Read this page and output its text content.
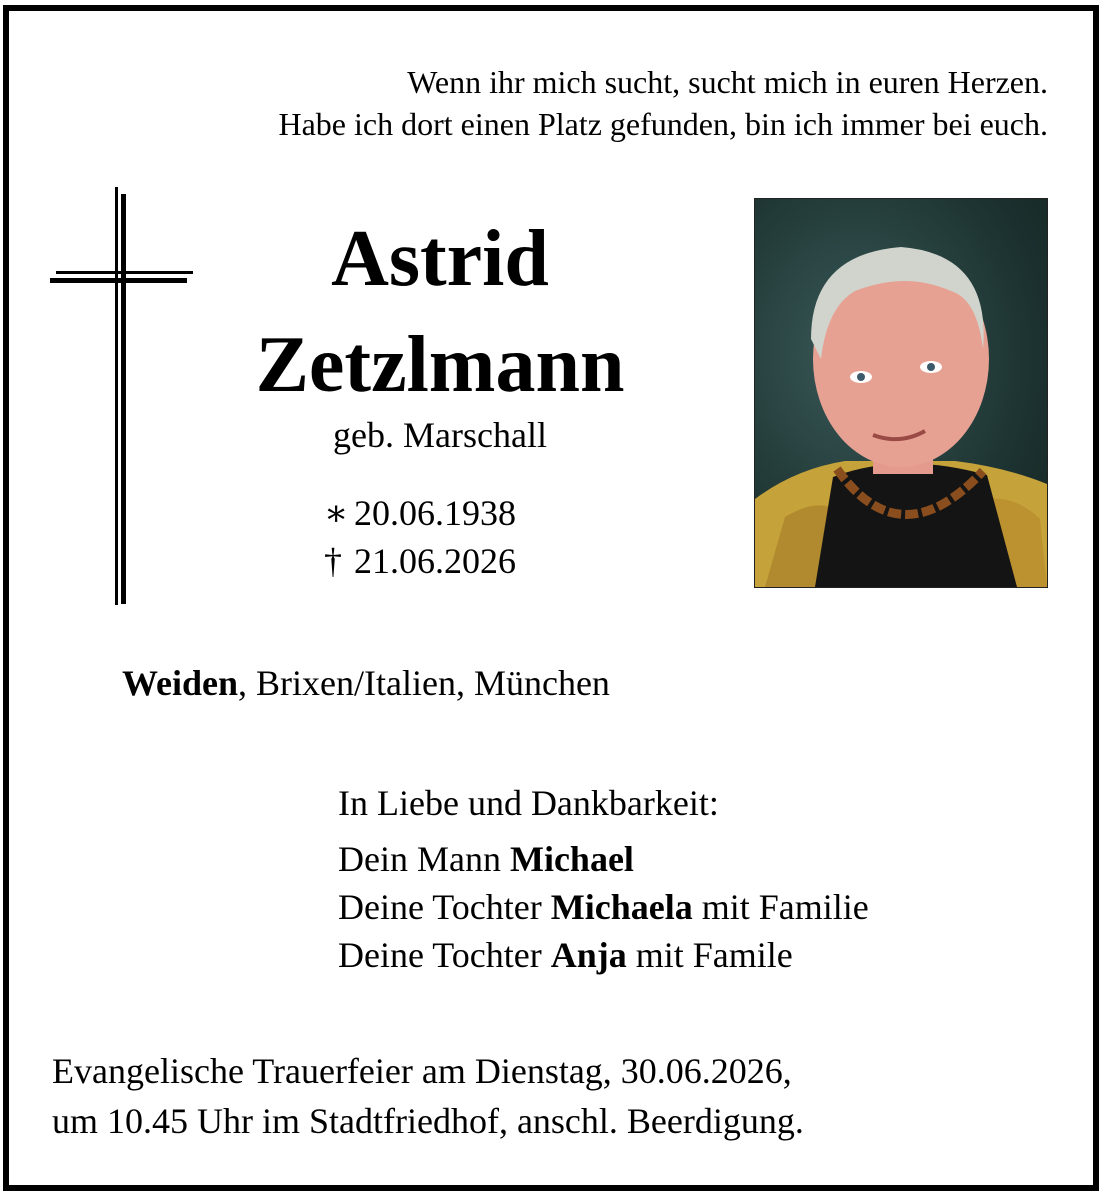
Wenn ihr mich sucht, sucht mich in euren Herzen.
Habe ich dort einen Platz gefunden, bin ich immer bei euch.
Astrid
Zetzlmann
geb. Marschall
∗ 20.06.1938
† 21.06.2026
Weiden, Brixen/Italien, München
In Liebe und Dankbarkeit:
Dein Mann Michael
Deine Tochter Michaela mit Familie
Deine Tochter Anja mit Famile
Evangelische Trauerfeier am Dienstag, 30.06.2026,
um 10.45 Uhr im Stadtfriedhof, anschl. Beerdigung.
